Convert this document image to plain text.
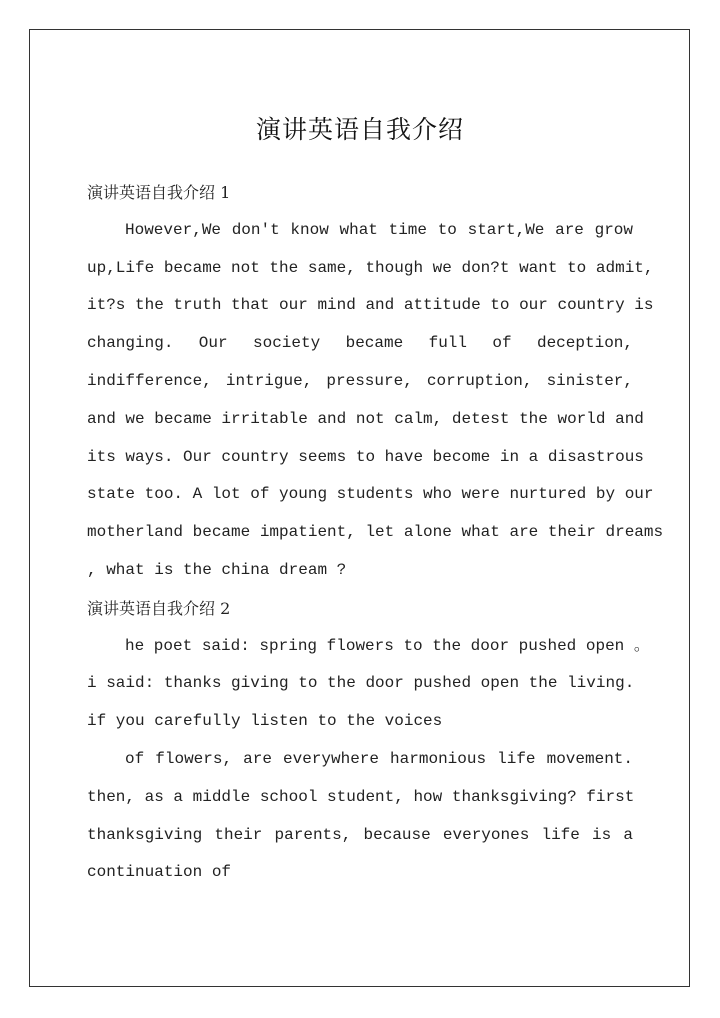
演讲英语自我介绍
演讲英语自我介绍 1
However,We don't know what time to start,We are grow
up,Life became not the same, though we don?t want to admit,
it?s the truth that our mind and attitude to our country is
changing. Our society became full of deception,
indifference, intrigue, pressure, corruption, sinister,
and we became irritable and not calm, detest the world and
its ways. Our country seems to have become in a disastrous
state too. A lot of young students who were nurtured by our
motherland became impatient, let alone what are their dreams
, what is the china dream ?
演讲英语自我介绍 2
he poet said: spring flowers to the door pushed open 。
i said: thanks giving to the door pushed open the living.
if you carefully listen to the voices
of flowers, are everywhere harmonious life movement.
then, as a middle school student, how thanksgiving? first
thanksgiving their parents, because everyones life is a
continuation of
